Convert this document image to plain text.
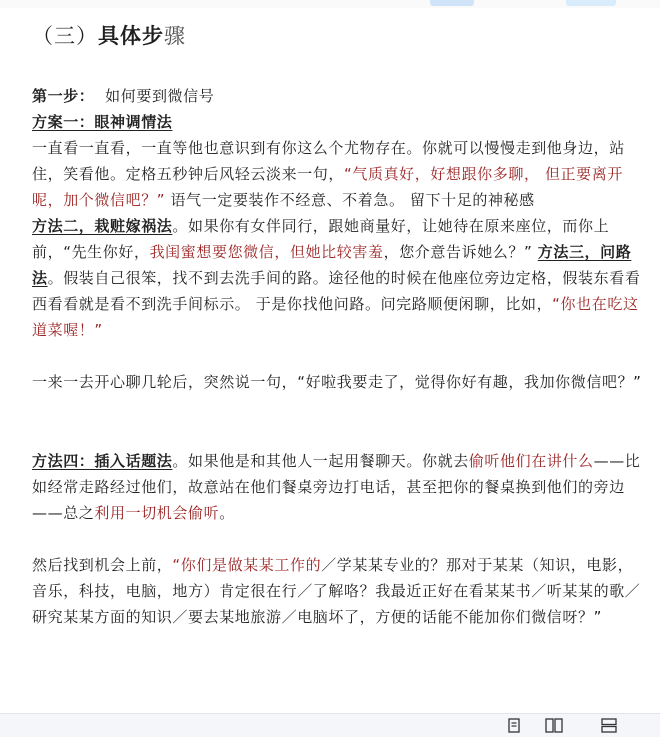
（三）具体步骤

第一步： 如何要到微信号

方案一：眼神调情法

一直看一直看，一直等他也意识到有你这么个尤物存在。你就可以慢慢走到他身边，站住，笑看他。定格五秒钟后风轻云淡来一句，“气质真好，好想跟你多聊， 但正要离开呢，加个微信吧？” 语气一定要装作不经意、不着急。 留下十足的神秘感

方法二，栽赃嫁祸法。如果你有女伴同行，跟她商量好，让她待在原来座位，而你上前，“先生你好，我闺蜜想要您微信，但她比较害羞，您介意告诉她么？” 方法三，问路法。假装自己很笨，找不到去洗手间的路。途径他的时候在他座位旁边定格，假装东看看西看看就是看不到洗手间标示。 于是你找他问路。问完路顺便闲聊，比如，“你也在吃这道菜喔！”

一来一去开心聊几轮后，突然说一句，“好啦我要走了，觉得你好有趣，我加你微信吧？”

方法四：插入话题法。如果他是和其他人一起用餐聊天。你就去偷听他们在讲什么——比如经常走路经过他们，故意站在他们餐桌旁边打电话，甚至把你的餐桌换到他们的旁边——总之利用一切机会偷听。

然后找到机会上前，“你们是做某某工作的／学某某专业的？那对于某某（知识，电影，音乐，科技，电脑，地方）肯定很在行／了解咯？我最近正好在看某某书／听某某的歌／研究某某方面的知识／要去某地旅游／电脑坏了，方便的话能不能加你们微信呀？”
